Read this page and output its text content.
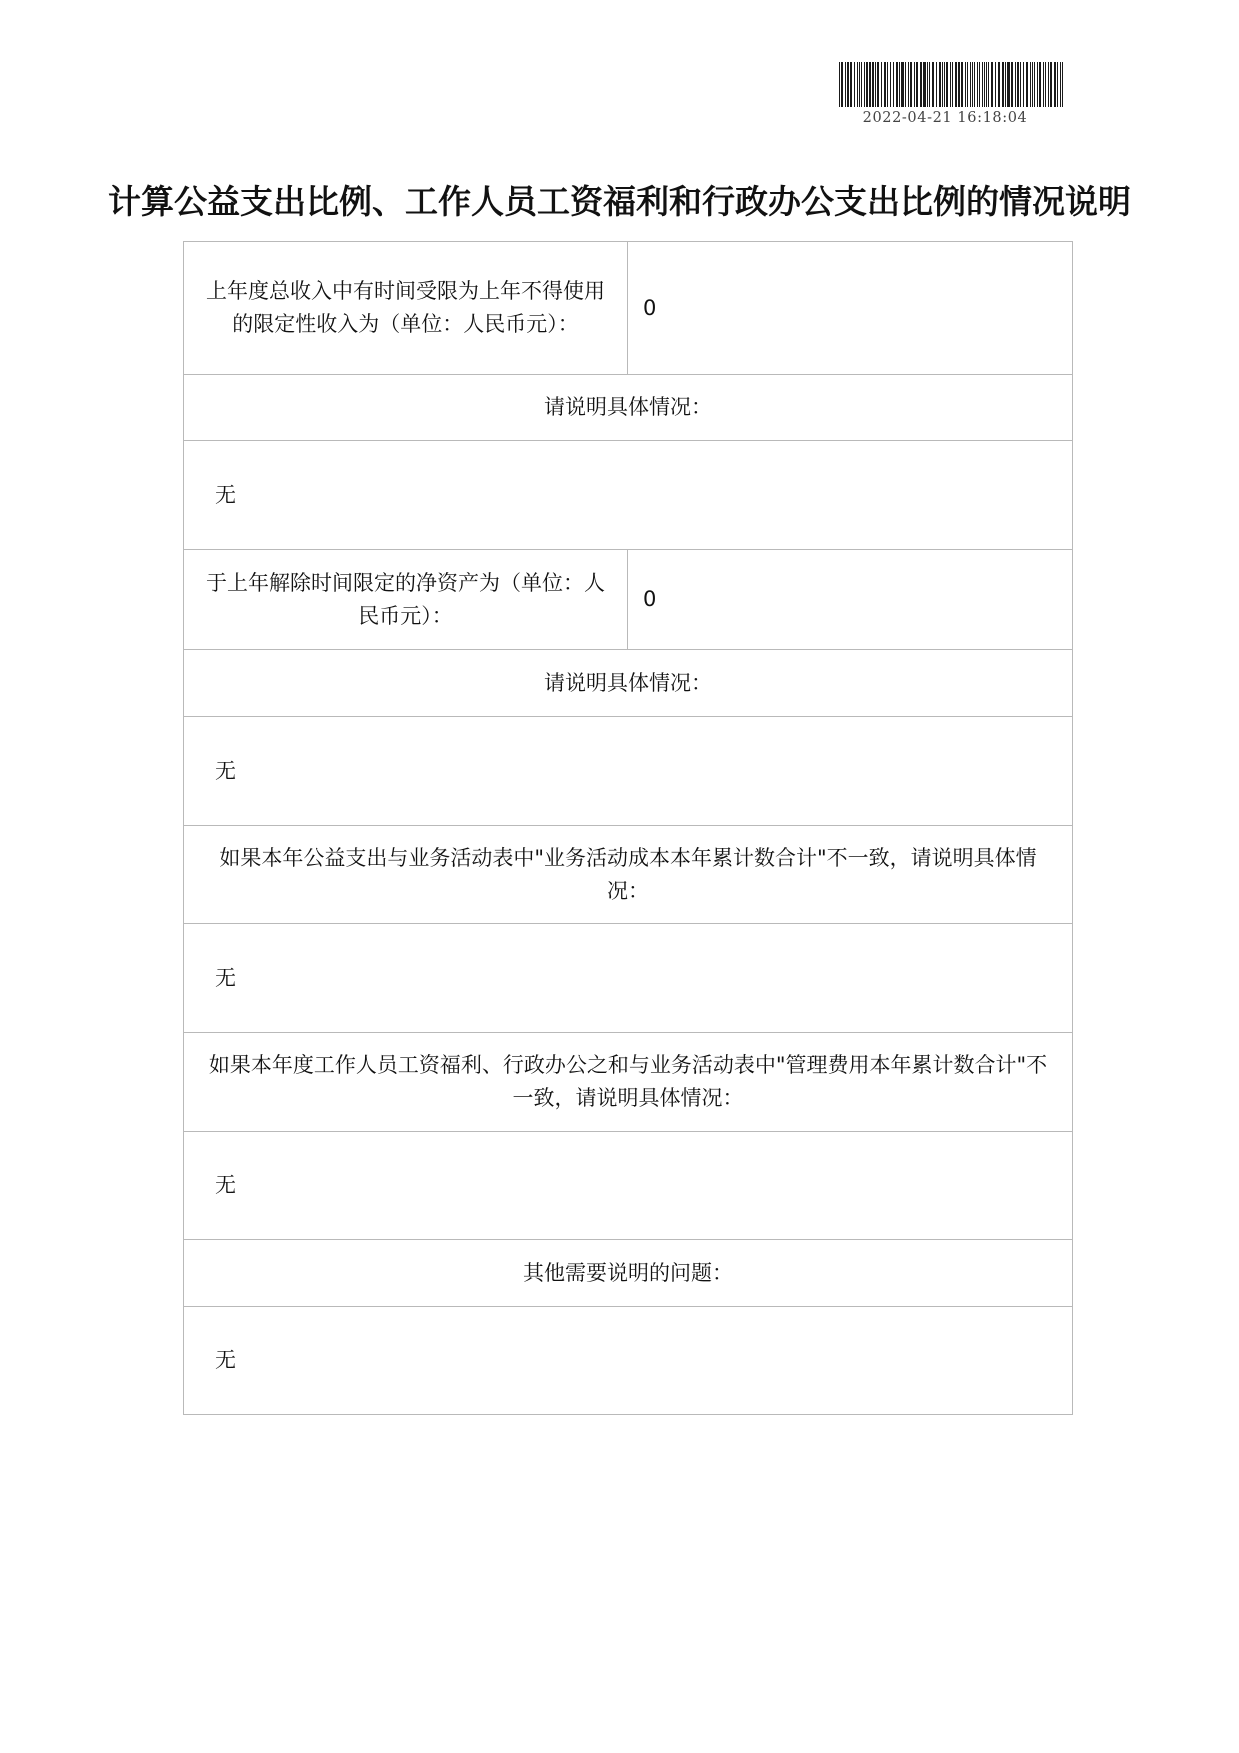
2022-04-21 16:18:04
计算公益支出比例、工作人员工资福利和行政办公支出比例的情况说明
上年度总收入中有时间受限为上年不得使用的限定性收入为（单位：人民币元）：	0
请说明具体情况：	
无	
于上年解除时间限定的净资产为（单位：人民币元）：	0
请说明具体情况：	
无	
如果本年公益支出与业务活动表中"业务活动成本本年累计数合计"不一致，请说明具体情况：	
无	
如果本年度工作人员工资福利、行政办公之和与业务活动表中"管理费用本年累计数合计"不一致，请说明具体情况：	
无	
其他需要说明的问题：	
无	
